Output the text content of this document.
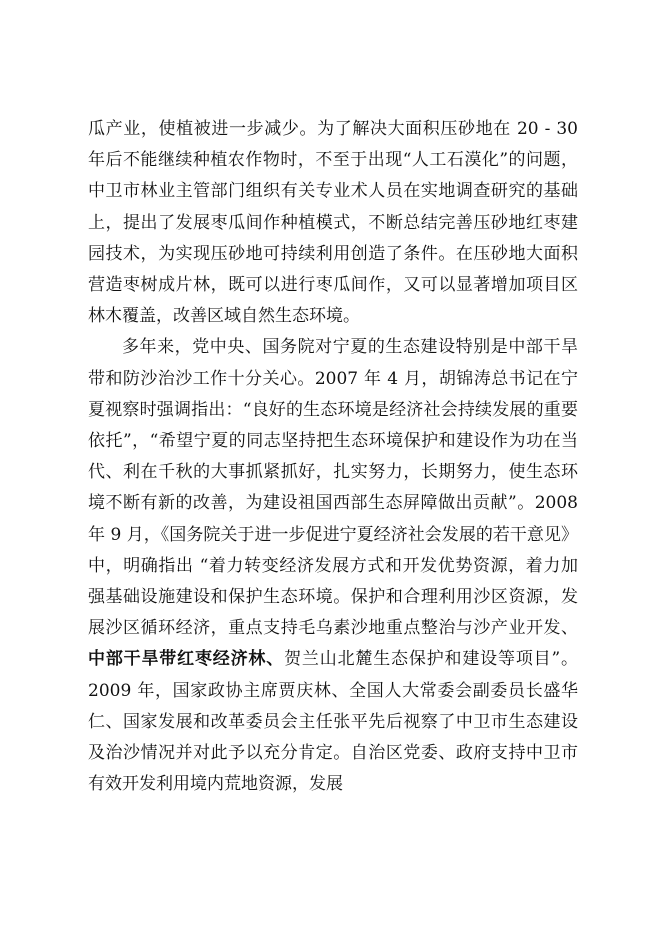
瓜产业，使植被进一步减少。为了解决大面积压砂地在 20 - 30 年后不能继续种植农作物时，不至于出现“人工石漠化”的问题，中卫市林业主管部门组织有关专业术人员在实地调查研究的基础上，提出了发展枣瓜间作种植模式，不断总结完善压砂地红枣建园技术，为实现压砂地可持续利用创造了条件。在压砂地大面积营造枣树成片林，既可以进行枣瓜间作，又可以显著增加项目区林木覆盖，改善区域自然生态环境。

多年来，党中央、国务院对宁夏的生态建设特别是中部干旱带和防沙治沙工作十分关心。2007 年 4 月，胡锦涛总书记在宁夏视察时强调指出：“良好的生态环境是经济社会持续发展的重要依托”，“希望宁夏的同志坚持把生态环境保护和建设作为功在当代、利在千秋的大事抓紧抓好，扎实努力，长期努力，使生态环境不断有新的改善，为建设祖国西部生态屏障做出贡献”。2008 年 9 月，《国务院关于进一步促进宁夏经济社会发展的若干意见》中，明确指出 “着力转变经济发展方式和开发优势资源，着力加强基础设施建设和保护生态环境。保护和合理利用沙区资源，发展沙区循环经济，重点支持毛乌素沙地重点整治与沙产业开发、中部干旱带红枣经济林、贺兰山北麓生态保护和建设等项目”。2009 年，国家政协主席贾庆林、全国人大常委会副委员长盛华仁、国家发展和改革委员会主任张平先后视察了中卫市生态建设及治沙情况并对此予以充分肯定。自治区党委、政府支持中卫市有效开发利用境内荒地资源，发展
